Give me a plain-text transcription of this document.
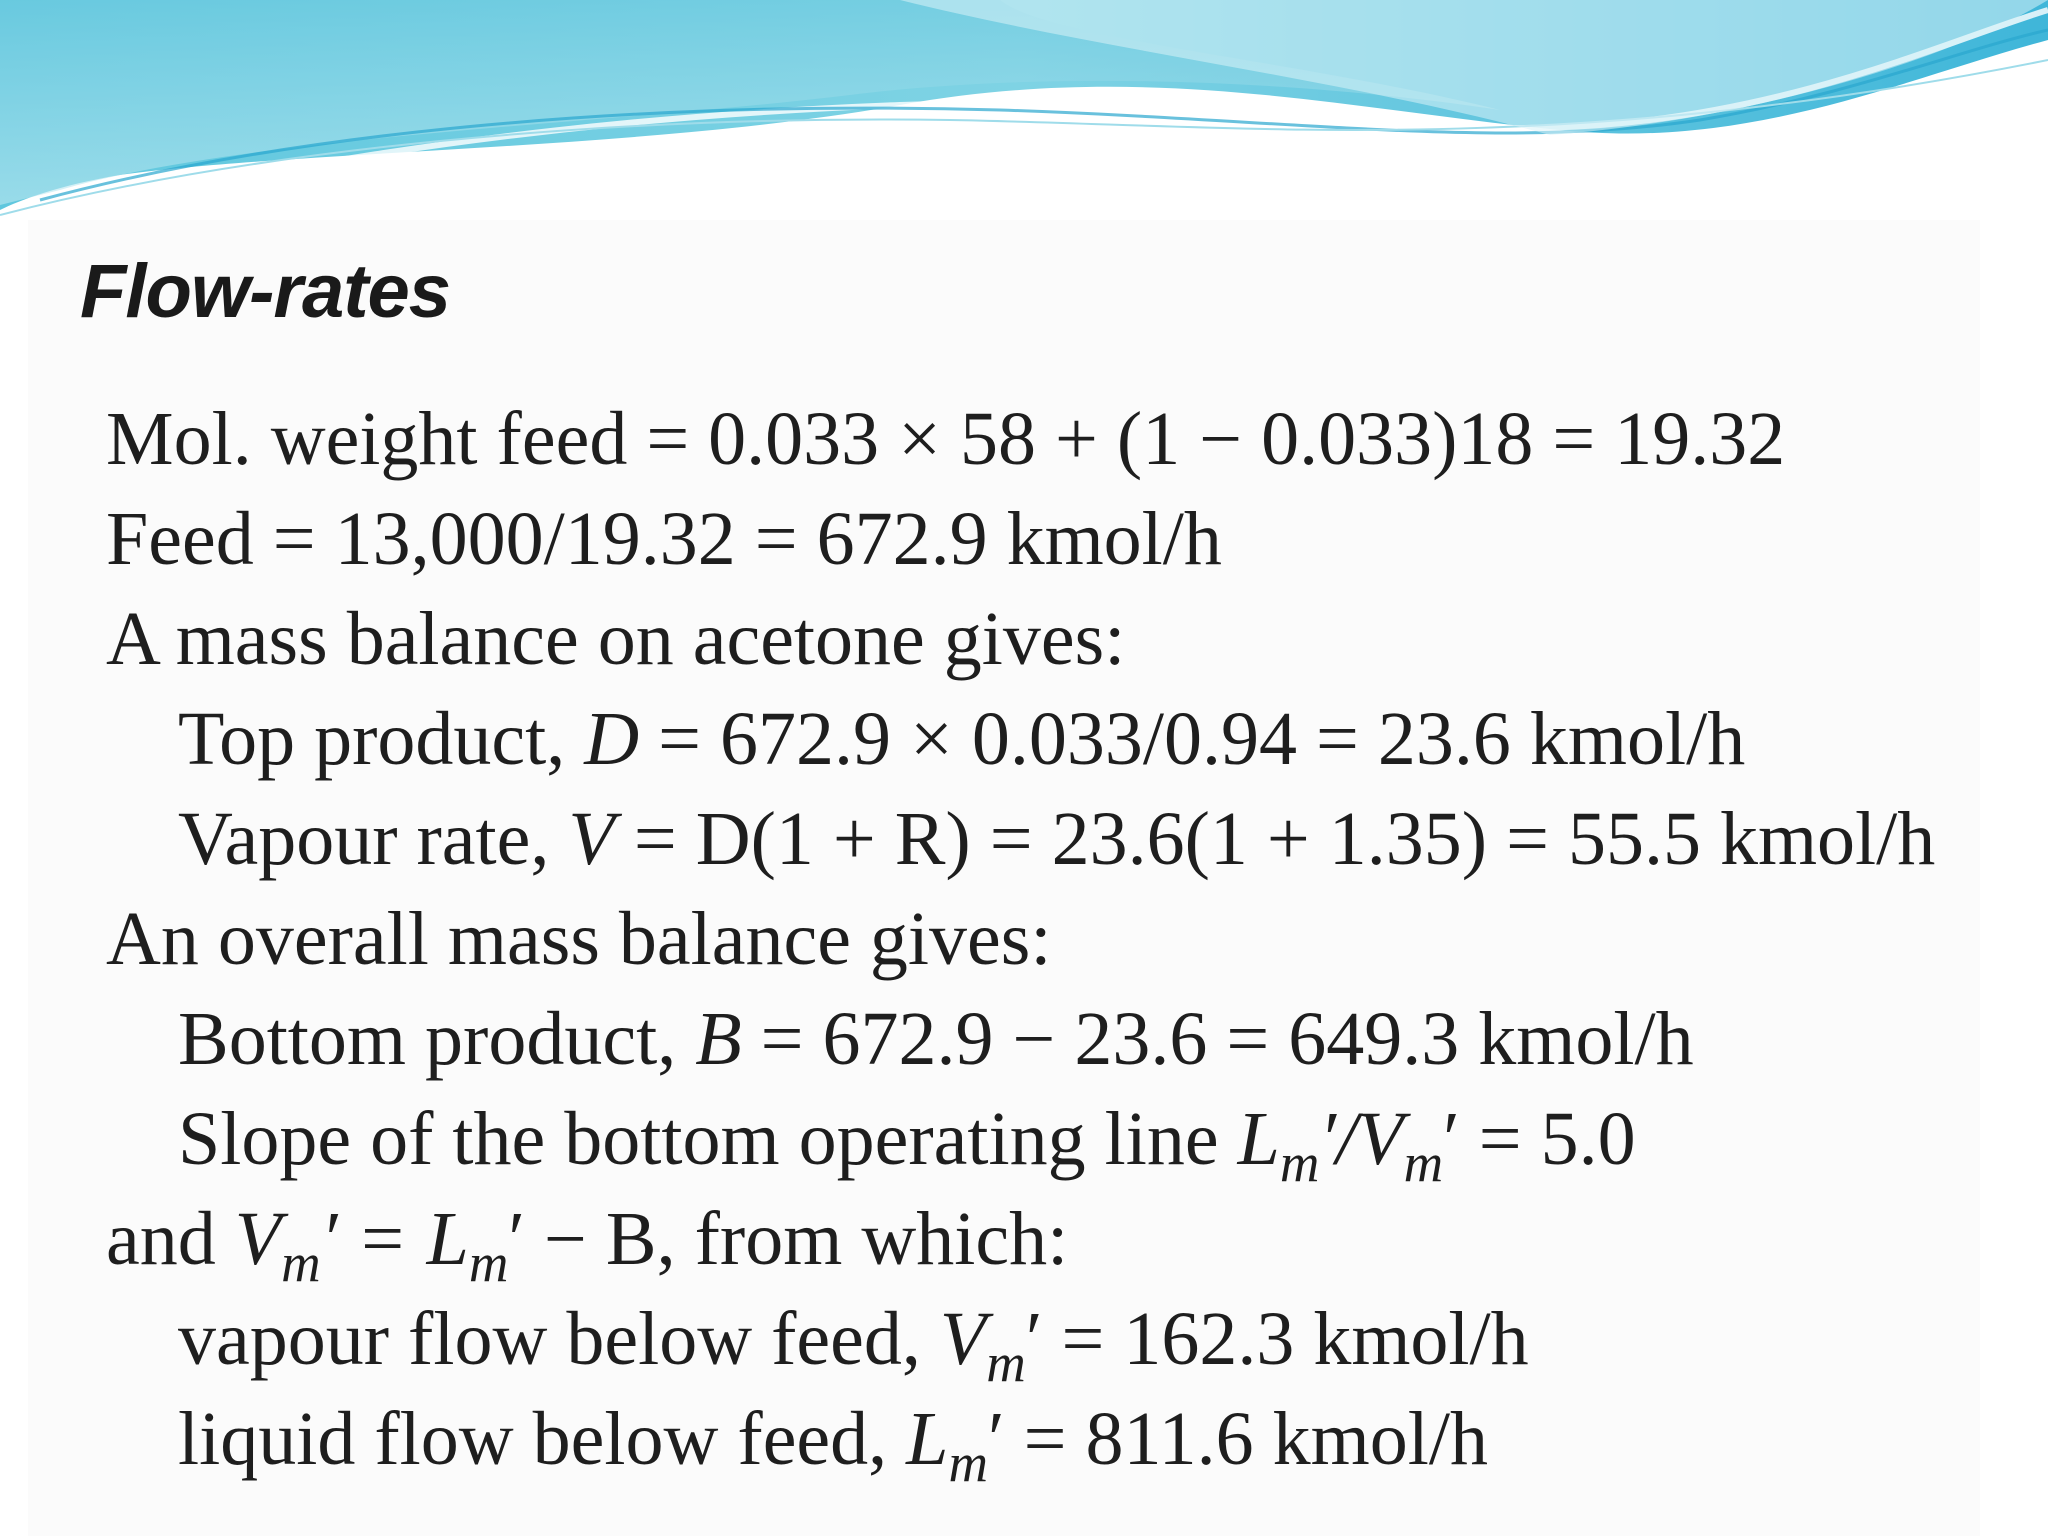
Flow-rates

Mol. weight feed = 0.033 × 58 + (1 − 0.033)18 = 19.32

Feed = 13,000/19.32 = 672.9 kmol/h

A mass balance on acetone gives:

Top product, D = 672.9 × 0.033/0.94 = 23.6 kmol/h

Vapour rate, V = D(1 + R) = 23.6(1 + 1.35) = 55.5 kmol/h

An overall mass balance gives:

Bottom product, B = 672.9 − 23.6 = 649.3 kmol/h

Slope of the bottom operating line $L_m'/V_m' = 5.0$

and $V_m' = L_m' - B$, from which:

vapour flow below feed, $V_m' = 162.3$ kmol/h

liquid flow below feed, $L_m' = 811.6$ kmol/h
